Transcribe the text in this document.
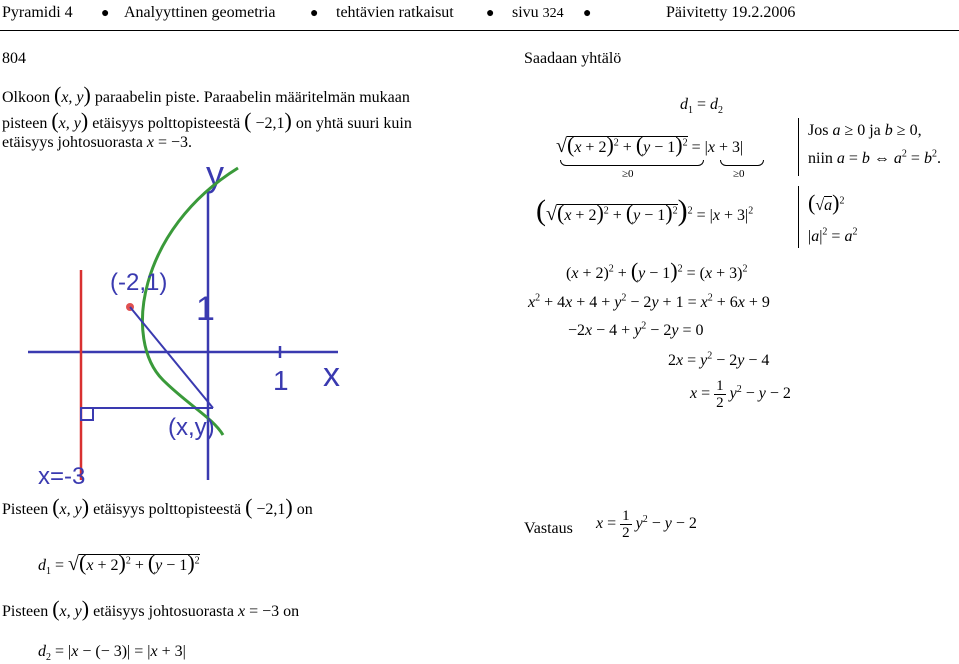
Pyramidi 4 ● Analyyttinen geometria ● tehtävien ratkaisut ● sivu 324 ●	Päivitetty 19.2.2006
804
Olkoon (x, y) paraabelin piste. Paraabelin määritelmän mukaan
pisteen (x, y) etäisyys polttopisteestä ( −2,1) on yhtä suuri kuin
etäisyys johtosuorasta x = −3.
y
x
1
1
(-2,1)
(x,y)
x=-3
Pisteen (x, y) etäisyys polttopisteestä ( −2,1) on
$d_1 = √(x + 2)^2 + (y - 1)^2$
Pisteen (x, y) etäisyys johtosuorasta x = −3 on
$d_2 = |x$ − (− 3)| = |x + 3|
Saadaan yhtälö
$d_1 = d_2$
$√(x + 2)^2 + (y - 1)^2 = |x + 3|$
≥0	≥0
Jos a ≥ 0 ja b ≥ 0,
niin a = b ⇔ $a^2 = b^2$.
$(√(x + 2)^2 + (y - 1)^2)^2 = |x + 3|^2$ $(√a)^2$
$|a|^2 = a^2$
$(x + 2)^2 + (y - 1)^2 = (x + 3)^2$
$x^2 + 4x + 4 + y^2 - 2y + 1 = x^2 + 6x + 9$
$-2x - 4 + y^2 - 2y = 0$
$2x = y^2 - 2y - 4$
$x = \frac{1}{2} y^2 - y - 2$
Vastaus $x = \frac{1}{2} y^2 - y - 2$
